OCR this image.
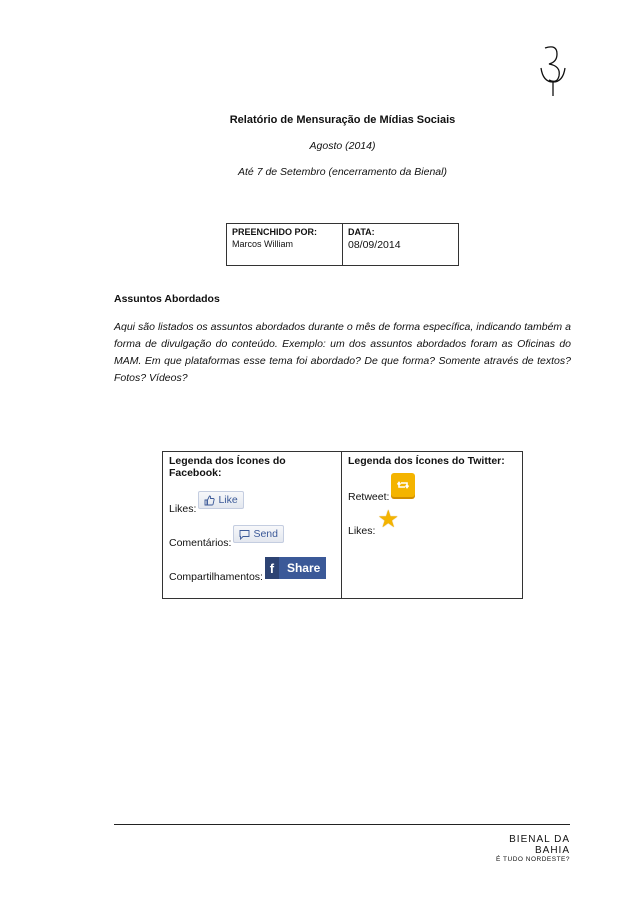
Relatório de Mensuração de Mídias Sociais

Agosto (2014)

Até 7 de Setembro (encerramento da Bienal)

PREENCHIDO POR:
Marcos William	
DATA:
08/09/2014
Assuntos Abordados
Aqui são listados os assuntos abordados durante o mês de forma específica, indicando também a forma de divulgação do conteúdo. Exemplo: um dos assuntos abordados foram as Oficinas do MAM. Em que plataformas esse tema foi abordado? De que forma? Somente através de textos? Fotos? Vídeos?
Legenda dos Ícones do Facebook:
Likes:
Like
Comentários:
Send
Compartilhamentos:
f	Share

Legenda dos Ícones do Twitter:
Retweet:
Likes: ★
BIENAL DA BAHIA
É TUDO NORDESTE?
